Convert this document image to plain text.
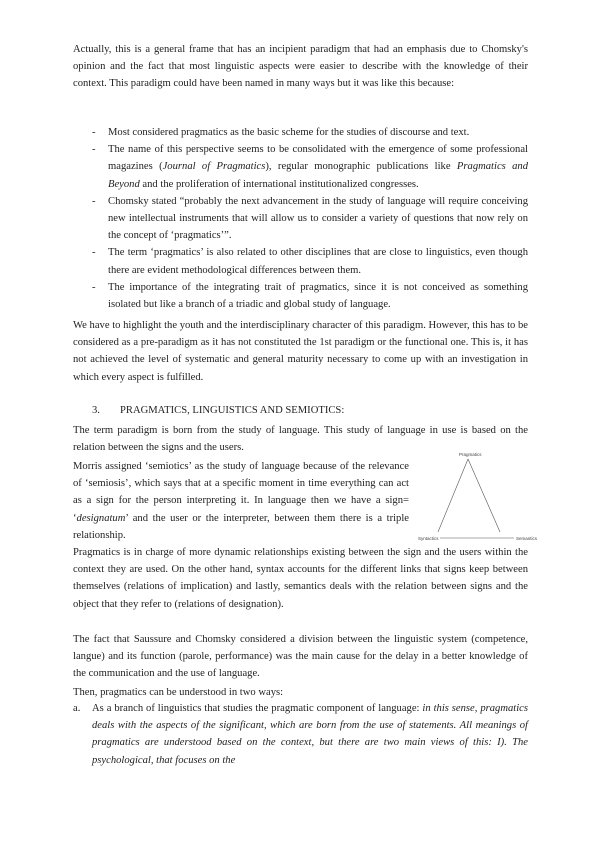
Actually, this is a general frame that has an incipient paradigm that had an emphasis due to Chomsky's opinion and the fact that most linguistic aspects were easier to describe with the knowledge of their context. This paradigm could have been named in many ways but it was like this because:

- Most considered pragmatics as the basic scheme for the studies of discourse and text.
- The name of this perspective seems to be consolidated with the emergence of some professional magazines (Journal of Pragmatics), regular monographic publications like Pragmatics and Beyond and the proliferation of international institutionalized congresses.
- Chomsky stated “probably the next advancement in the study of language will require conceiving new intellectual instruments that will allow us to consider a variety of questions that now rely on the concept of ‘pragmatics’”.
- The term ‘pragmatics’ is also related to other disciplines that are close to linguistics, even though there are evident methodological differences between them.
- The importance of the integrating trait of pragmatics, since it is not conceived as something isolated but like a branch of a triadic and global study of language.

We have to highlight the youth and the interdisciplinary character of this paradigm. However, this has to be considered as a pre-paradigm as it has not constituted the 1st paradigm or the functional one. This is, it has not achieved the level of systematic and general maturity necessary to come up with an investigation in which every aspect is fulfilled.

3. PRAGMATICS, LINGUISTICS AND SEMIOTICS:

The term paradigm is born from the study of language. This study of language in use is based on the relation between the signs and the users.

Morris assigned ‘semiotics’ as the study of language because of the relevance of ‘semiosis’, which says that at a specific moment in time everything can act as a sign for the person interpreting it. In language then we have a sign= ‘designatum’ and the user or the interpreter, between them there is a triple relationship.

Pragmatics
Syntactics	Semantics

Pragmatics is in charge of more dynamic relationships existing between the sign and the users within the context they are used. On the other hand, syntax accounts for the different links that signs keep between themselves (relations of implication) and lastly, semantics deals with the relation between signs and the object that they refer to (relations of designation).

The fact that Saussure and Chomsky considered a division between the linguistic system (competence, langue) and its function (parole, performance) was the main cause for the delay in a better knowledge of the communication and the use of language.

Then, pragmatics can be understood in two ways:

a. As a branch of linguistics that studies the pragmatic component of language: in this sense, pragmatics deals with the aspects of the significant, which are born from the use of statements. All meanings of pragmatics are understood based on the context, but there are two main views of this: I). The psychological, that focuses on the
